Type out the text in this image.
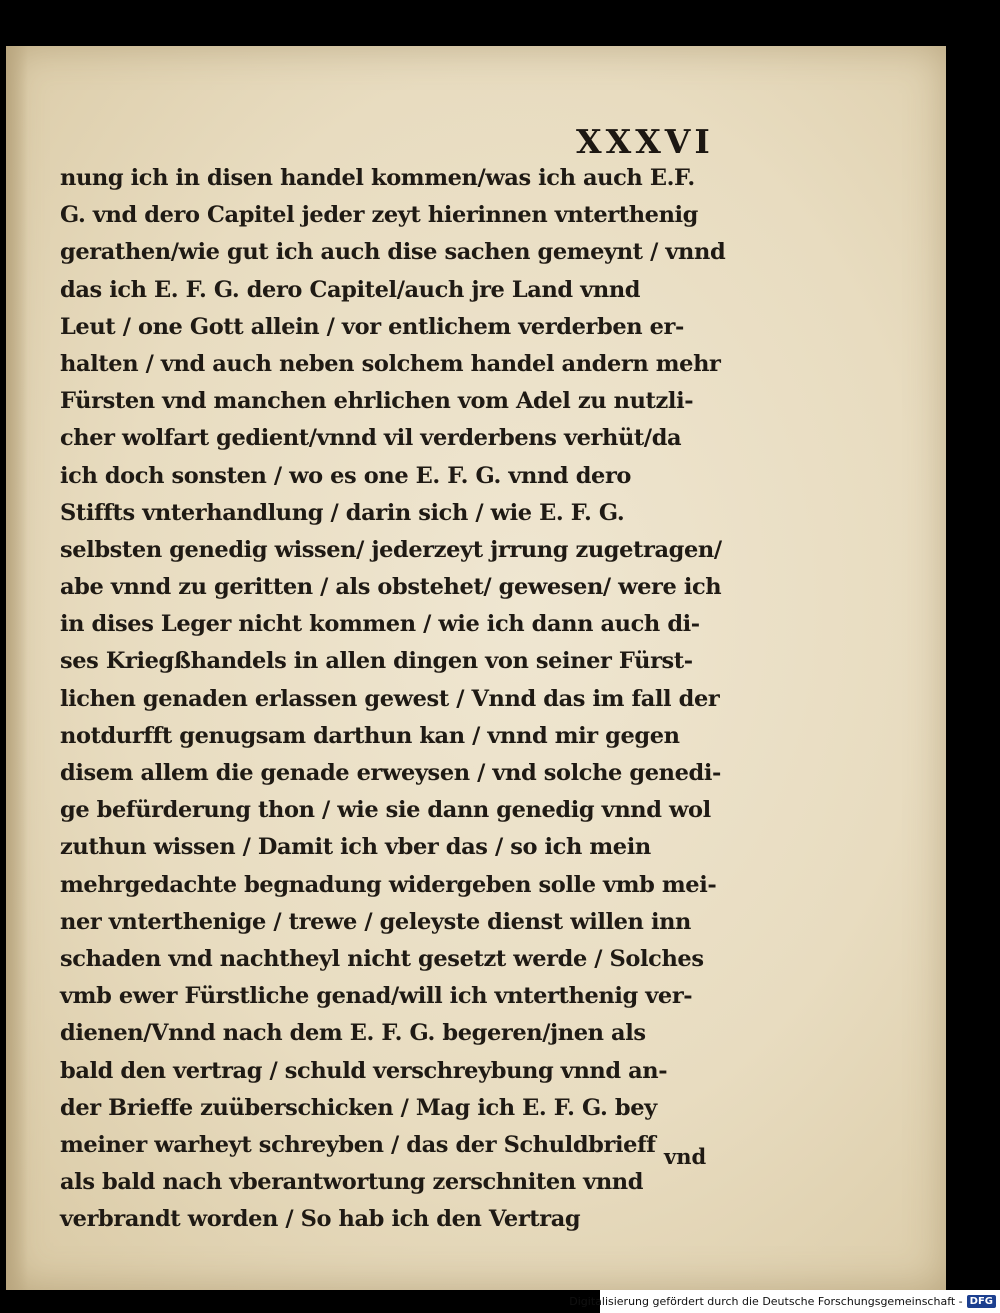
XXXVI
nung ich in disen handel kommen/was ich auch E.F.
G. vnd dero Capitel jeder zeyt hierinnen vnterthenig
gerathen/wie gut ich auch dise sachen gemeynt / vnnd
das ich E. F. G. dero Capitel/auch jre Land vnnd
Leut / one Gott allein / vor entlichem verderben er-
halten / vnd auch neben solchem handel andern mehr
Fürsten vnd manchen ehrlichen vom Adel zu nutzli-
cher wolfart gedient/vnnd vil verderbens verhüt/da
ich doch sonsten / wo es one E. F. G. vnnd dero
Stiffts vnterhandlung / darin sich / wie E. F. G.
selbsten genedig wissen/ jederzeyt jrrung zugetragen/
abe vnnd zu geritten / als obstehet/ gewesen/ were ich
in dises Leger nicht kommen / wie ich dann auch di-
ses Kriegßhandels in allen dingen von seiner Fürst-
lichen genaden erlassen gewest / Vnnd das im fall der
notdurfft genugsam darthun kan / vnnd mir gegen
disem allem die genade erweysen / vnd solche genedi-
ge befürderung thon / wie sie dann genedig vnnd wol
zuthun wissen / Damit ich vber das / so ich mein
mehrgedachte begnadung widergeben solle vmb mei-
ner vnterthenige / trewe / geleyste dienst willen inn
schaden vnd nachtheyl nicht gesetzt werde / Solches
vmb ewer Fürstliche genad/will ich vnterthenig ver-
dienen/Vnnd nach dem E. F. G. begeren/jnen als
bald den vertrag / schuld verschreybung vnnd an-
der Brieffe zuüberschicken / Mag ich E. F. G. bey
meiner warheyt schreyben / das der Schuldbrieff
als bald nach vberantwortung zerschniten vnnd
verbrandt worden / So hab ich den Vertrag
vnd
Digitalisierung gefördert durch die Deutsche Forschungsgemeinschaft - DFG
